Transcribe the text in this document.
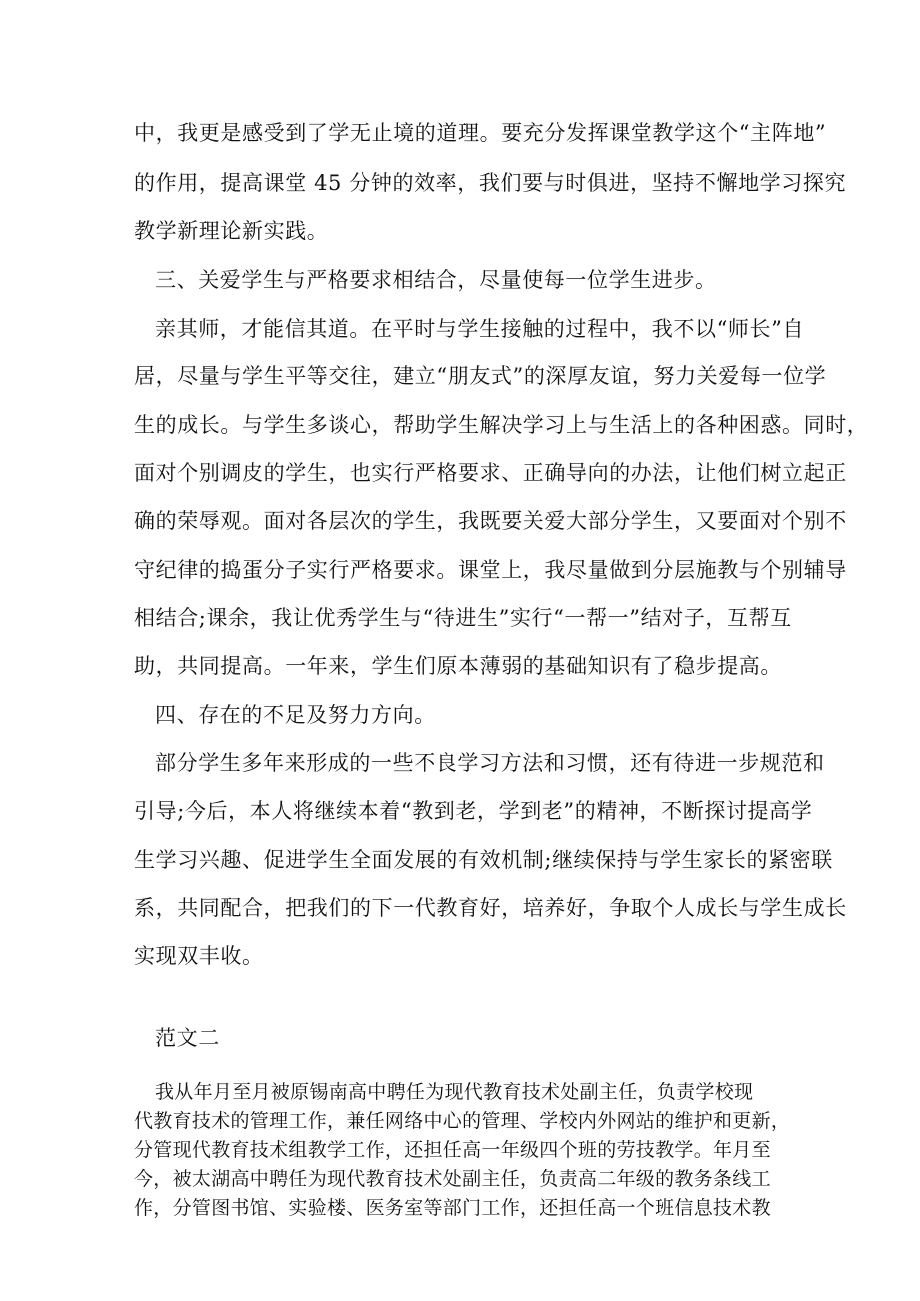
中，我更是感受到了学无止境的道理。要充分发挥课堂教学这个“主阵地”
的作用，提高课堂 45 分钟的效率，我们要与时俱进，坚持不懈地学习探究
教学新理论新实践。
三、关爱学生与严格要求相结合，尽量使每一位学生进步。
亲其师，才能信其道。在平时与学生接触的过程中，我不以“师长”自
居，尽量与学生平等交往，建立“朋友式”的深厚友谊，努力关爱每一位学
生的成长。与学生多谈心，帮助学生解决学习上与生活上的各种困惑。同时，
面对个别调皮的学生，也实行严格要求、正确导向的办法，让他们树立起正
确的荣辱观。面对各层次的学生，我既要关爱大部分学生，又要面对个别不
守纪律的捣蛋分子实行严格要求。课堂上，我尽量做到分层施教与个别辅导
相结合;课余，我让优秀学生与“待进生”实行“一帮一”结对子，互帮互
助，共同提高。一年来，学生们原本薄弱的基础知识有了稳步提高。
四、存在的不足及努力方向。
部分学生多年来形成的一些不良学习方法和习惯，还有待进一步规范和
引导;今后，本人将继续本着“教到老，学到老”的精神，不断探讨提高学
生学习兴趣、促进学生全面发展的有效机制;继续保持与学生家长的紧密联
系，共同配合，把我们的下一代教育好，培养好，争取个人成长与学生成长
实现双丰收。
范文二
我从年月至月被原锡南高中聘任为现代教育技术处副主任，负责学校现
代教育技术的管理工作，兼任网络中心的管理、学校内外网站的维护和更新，
分管现代教育技术组教学工作，还担任高一年级四个班的劳技教学。年月至
今，被太湖高中聘任为现代教育技术处副主任，负责高二年级的教务条线工
作，分管图书馆、实验楼、医务室等部门工作，还担任高一个班信息技术教
